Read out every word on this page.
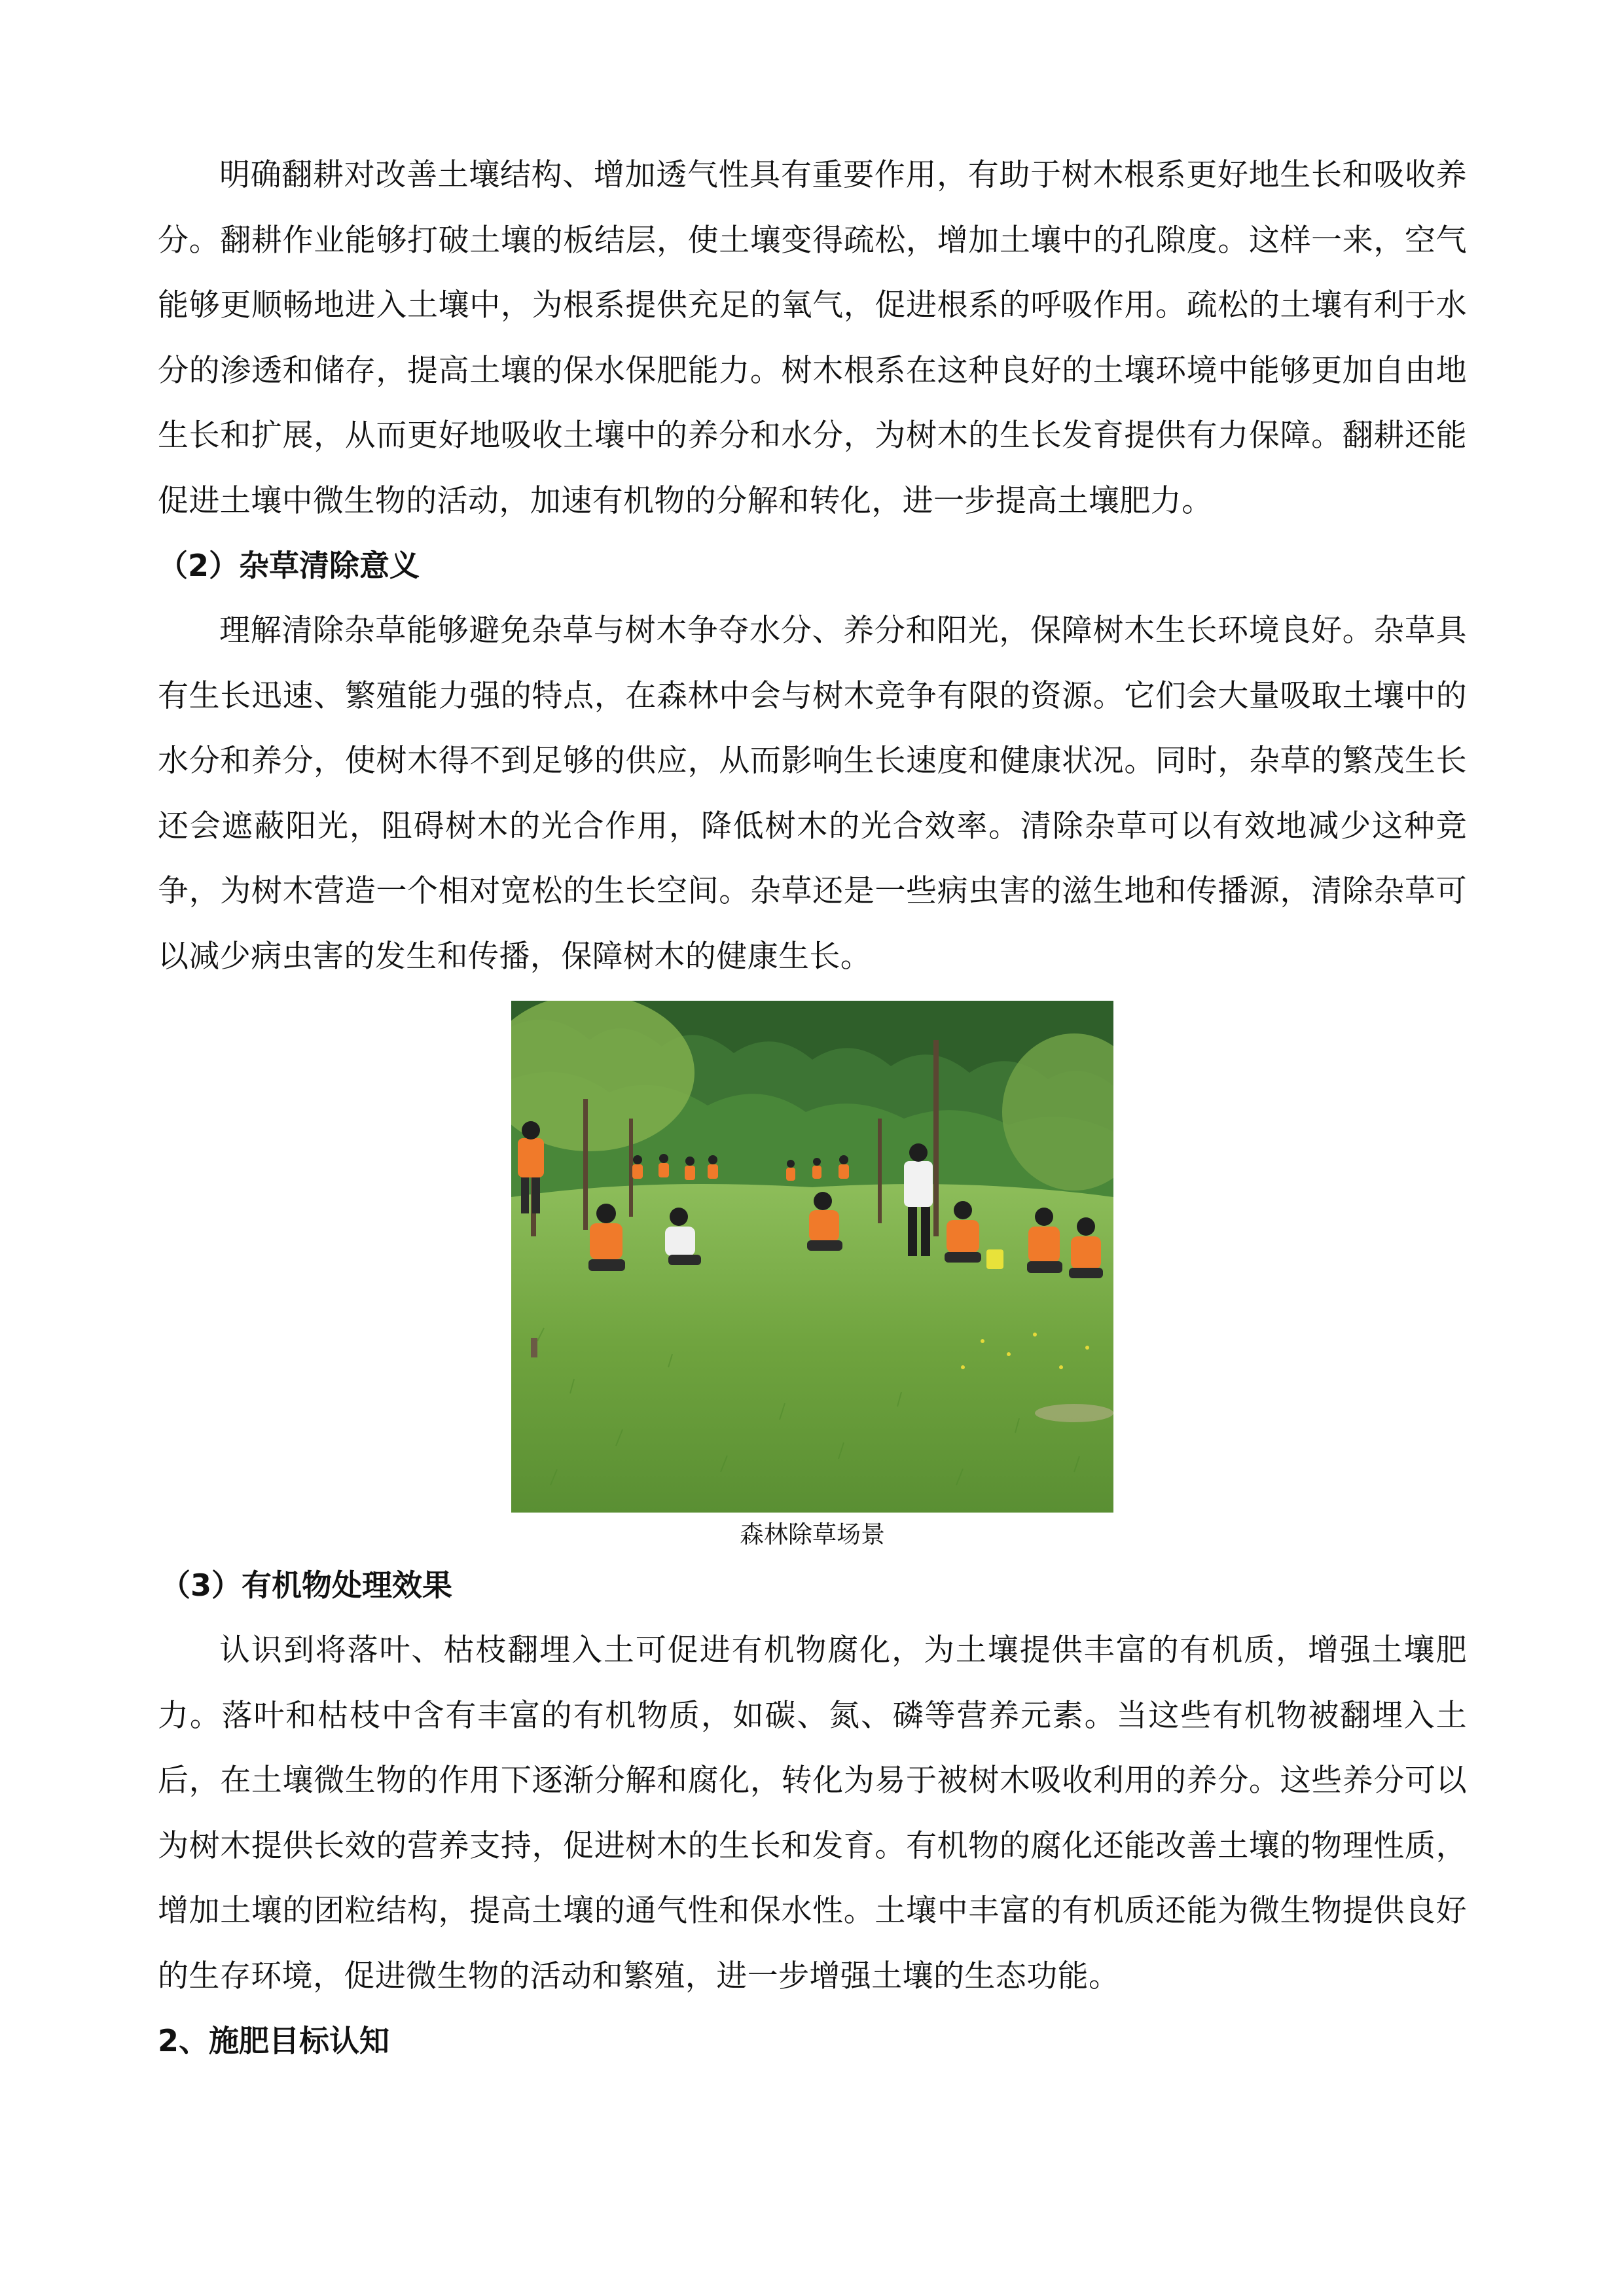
明确翻耕对改善土壤结构、增加透气性具有重要作用，有助于树木根系更好地生长和吸收养分。翻耕作业能够打破土壤的板结层，使土壤变得疏松，增加土壤中的孔隙度。这样一来，空气能够更顺畅地进入土壤中，为根系提供充足的氧气，促进根系的呼吸作用。疏松的土壤有利于水分的渗透和储存，提高土壤的保水保肥能力。树木根系在这种良好的土壤环境中能够更加自由地生长和扩展，从而更好地吸收土壤中的养分和水分，为树木的生长发育提供有力保障。翻耕还能促进土壤中微生物的活动，加速有机物的分解和转化，进一步提高土壤肥力。

（2）杂草清除意义

理解清除杂草能够避免杂草与树木争夺水分、养分和阳光，保障树木生长环境良好。杂草具有生长迅速、繁殖能力强的特点，在森林中会与树木竞争有限的资源。它们会大量吸取土壤中的水分和养分，使树木得不到足够的供应，从而影响生长速度和健康状况。同时，杂草的繁茂生长还会遮蔽阳光，阻碍树木的光合作用，降低树木的光合效率。清除杂草可以有效地减少这种竞争，为树木营造一个相对宽松的生长空间。杂草还是一些病虫害的滋生地和传播源，清除杂草可以减少病虫害的发生和传播，保障树木的健康生长。

森林除草场景
（3）有机物处理效果

认识到将落叶、枯枝翻埋入土可促进有机物腐化，为土壤提供丰富的有机质，增强土壤肥力。落叶和枯枝中含有丰富的有机物质，如碳、氮、磷等营养元素。当这些有机物被翻埋入土后，在土壤微生物的作用下逐渐分解和腐化，转化为易于被树木吸收利用的养分。这些养分可以为树木提供长效的营养支持，促进树木的生长和发育。有机物的腐化还能改善土壤的物理性质，增加土壤的团粒结构，提高土壤的通气性和保水性。土壤中丰富的有机质还能为微生物提供良好的生存环境，促进微生物的活动和繁殖，进一步增强土壤的生态功能。

2、施肥目标认知
